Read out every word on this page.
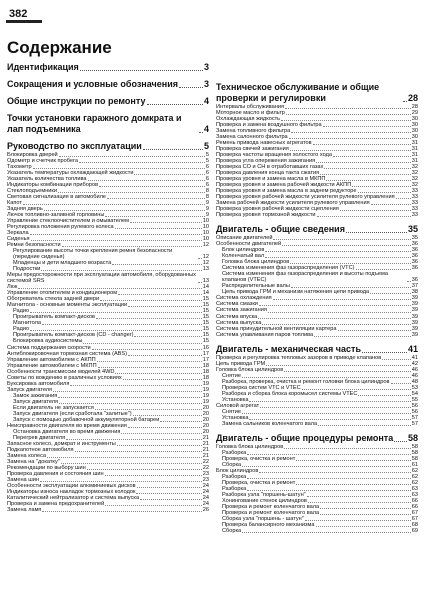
382
Содержание
Идентификация	3
Сокращения и условные обозначения	3
Общие инструкции по ремонту	4
Точки установки гаражного домкрата и лап подъемника	4
Руководство по эксплуатации	5
Блокировка дверей	5
Одометр и счетчик пробега	5
Тахометр	6
Указатель температуры охлаждающей жидкости	6
Указатель количества топлива	6
Индикаторы комбинации приборов	6
Стеклоподъемники	8
Световая сигнализация в автомобиле	8
Капот	9
Задняя дверь	9
Лючок топливно-заливной горловины	9
Управление стеклоочистителем и омывателем	10
Регулировка положения рулевого колеса	10
Зеркала	10
Сиденья	10
Ремни безопасности	12
Регулирование высоты точки крепления ремня безопасности (передние сиденья)	12
Младенцы и дети младшего возраста	12
Подростки	13
Меры предосторожности при эксплуатации автомобиля, оборудованных системой SRS	13
Люк	14
Управление отопителем и кондиционером	14
Обогреватель стекла задней двери	15
Магнитола - основные моменты эксплуатации	15
Радио	15
Проигрыватель компакт-дисков	15
Магнитола	15
Радио	15
Проигрыватель компакт-дисков (CD - changer)	15
Блокировка аудиосистемы	15
Система поддержания скорости	16
Антиблокировочная тормозная система (ABS)	17
Управление автомобилем с АКПП	17
Управление автомобилем с МКПП	18
Особенности трансмиссии моделей 4WD	18
Советы по вождению в различных условиях	18
Буксировка автомобиля	19
Запуск двигателя	19
Замок зажигания	19
Запуск двигателя	19
Если двигатель не запускается	20
Запуск двигателя (если сработала "залитые")	20
Запуск с помощью добавочной аккумуляторной батареи	20
Неисправности двигателя во время движения	20
Остановка двигателя во время движения	20
Перегрев двигателя	21
Запасное колесо, домкрат и инструменты	21
Подкапотное автомобиля	21
Замена колеса	21
Замена на "докатку"	22
Рекомендации по выбору шин	22
Проверка давления и состояния шин	23
Замена шин	23
Особенности эксплуатации алюминиевых дисков	24
Индикаторы износа накладок тормозных колодок	24
Каталитический нейтрализатор и система выпуска	24
Проверка и замена предохранителей	24
Замена ламп	26
Техническое обслуживание и общие проверки и регулировки	28
Интервалы обслуживания	28
Моторное масло и фильтр	29
Охлаждающая жидкость	30
Проверка и замена воздушного фильтра	30
Замена топливного фильтра	30
Замена салонного фильтра	30
Ремень привода навесных агрегатов	31
Проверка свечей зажигания	31
Проверка частоты вращения холостого хода	31
Проверка угла опережения зажигания	31
Проверка CO и CH в отработавших газах	32
Проверка давления конца такта сжатия	32
Проверка уровня и замена масла в МКПП	32
Проверка уровня и замена рабочей жидкости АКПП	32
Проверка уровня и замена масла в заднем редукторе	33
Проверка уровня рабочей жидкости усилителя рулевого управления	33
Замена рабочей жидкости усилителя рулевого управления	33
Проверка уровня рабочей жидкости сцепления	33
Проверка уровня тормозной жидкости	33
Двигатель - общие сведения	35
Описание двигателей	35
Особенности двигателей	36
Блок цилиндров	36
Коленчатый вал	36
Головка блока цилиндров	36
Система изменения фаз газораспределения (VTC)	36
Система изменения фаз газораспределения и высоты подъема клапанов (VTEC)	36
Распределительные валы	37
Цепь привода ГРМ и механизм натяжения цепи привода	38
Система охлаждения	39
Система смазки	39
Система зажигания	39
Система впуска	39
Система выпуска	39
Система принудительной вентиляции картера	39
Система улавливания паров топлива	39
Двигатель - механическая часть	41
Проверка и регулировка тепловых зазоров в приводе клапанов	41
Цепь привода ГРМ	42
Головка блока цилиндров	46
Снятие	46
Разборка, проверка, очистка и ремонт головки блока цилиндров	48
Проверка систем VTC и VTEC	53
Разборка и сборка блока коромысел системы VTEC	54
Установка	55
Силовой агрегат	56
Снятие	56
Установка	57
Замена сальников коленчатого вала	57
Двигатель - общие процедуры ремонта 58
Головка блока цилиндров	58
Разборка	58
Проверка, очистка и ремонт	58
Сборка	61
Блок цилиндров	62
Разборка	62
Проверка, очистка и ремонт	62
Разборка	63
Разборка узла "поршень-шатун"	63
Хонингование стенок цилиндров	66
Проверка и ремонт коленчатого вала	66
Проверка и ремонт коленчатого вала	67
Сборка узла "поршень - шатун"	67
Проверка балансирного механизма	68
Сборка	69
